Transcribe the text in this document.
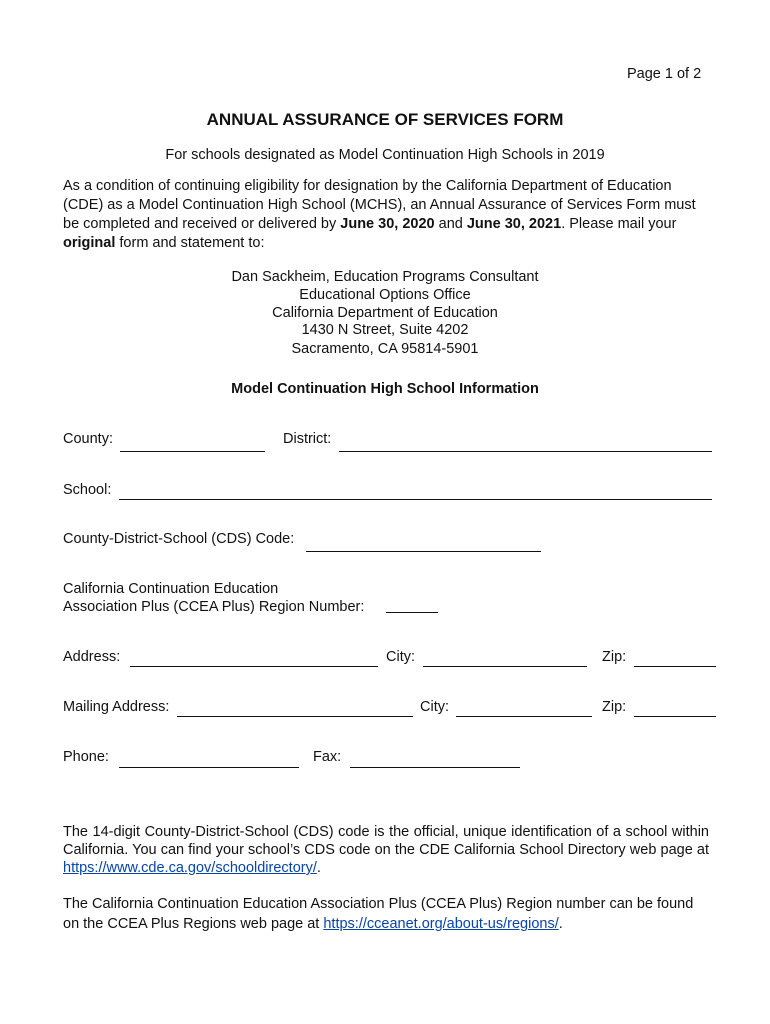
Page 1 of 2
ANNUAL ASSURANCE OF SERVICES FORM
For schools designated as Model Continuation High Schools in 2019
As a condition of continuing eligibility for designation by the California Department of Education (CDE) as a Model Continuation High School (MCHS), an Annual Assurance of Services Form must be completed and received or delivered by June 30, 2020 and June 30, 2021. Please mail your original form and statement to:
Dan Sackheim, Education Programs Consultant
Educational Options Office
California Department of Education
1430 N Street, Suite 4202
Sacramento, CA 95814-5901
Model Continuation High School Information
County:	District:
School:
County-District-School (CDS) Code:
California Continuation Education
Association Plus (CCEA Plus) Region Number:
Address:	City:	Zip:
Mailing Address:	City:	Zip:
Phone:	Fax:
The 14-digit County-District-School (CDS) code is the official, unique identification of a school within California. You can find your school’s CDS code on the CDE California School Directory web page at https://www.cde.ca.gov/schooldirectory/.
The California Continuation Education Association Plus (CCEA Plus) Region number can be found on the CCEA Plus Regions web page at https://cceanet.org/about-us/regions/.
